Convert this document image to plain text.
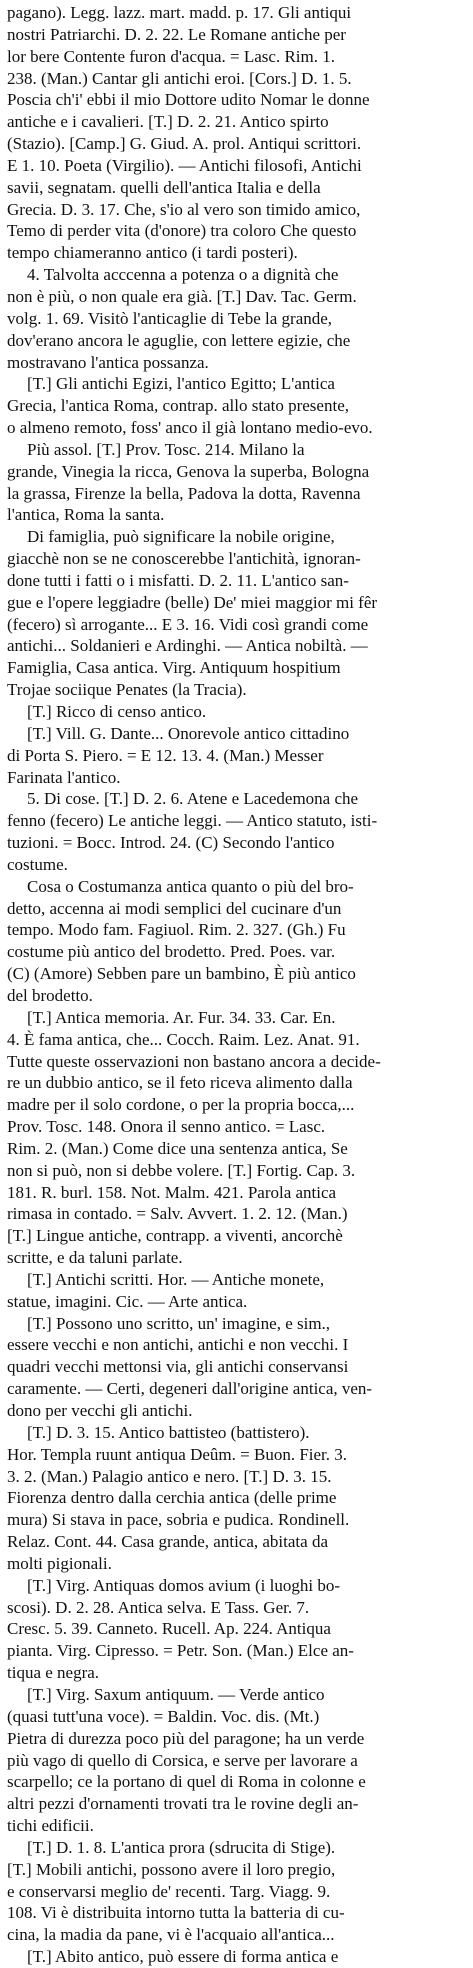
pagano). Legg. lazz. mart. madd. p. 17. Gli antiqui
nostri Patriarchi. D. 2. 22. Le Romane antiche per
lor bere Contente furon d'acqua. = Lasc. Rim. 1.
238. (Man.) Cantar gli antichi eroi. [Cors.] D. 1. 5.
Poscia ch'i' ebbi il mio Dottore udito Nomar le donne
antiche e i cavalieri. [T.] D. 2. 21. Antico spirto
(Stazio). [Camp.] G. Giud. A. prol. Antiqui scrittori.
E 1. 10. Poeta (Virgilio). — Antichi filosofi, Antichi
savii, segnatam. quelli dell'antica Italia e della
Grecia. D. 3. 17. Che, s'io al vero son timido amico,
Temo di perder vita (d'onore) tra coloro Che questo
tempo chiameranno antico (i tardi posteri).

4. Talvolta acccenna a potenza o a dignità che
non è più, o non quale era già. [T.] Dav. Tac. Germ.
volg. 1. 69. Visitò l'anticaglie di Tebe la grande,
dov'erano ancora le aguglie, con lettere egizie, che
mostravano l'antica possanza.

[T.] Gli antichi Egizi, l'antico Egitto; L'antica
Grecia, l'antica Roma, contrap. allo stato presente,
o almeno remoto, foss' anco il già lontano medio-evo.

Più assol. [T.] Prov. Tosc. 214. Milano la
grande, Vinegia la ricca, Genova la superba, Bologna
la grassa, Firenze la bella, Padova la dotta, Ravenna
l'antica, Roma la santa.

Di famiglia, può significare la nobile origine,
giacchè non se ne conoscerebbe l'antichità, ignoran-
done tutti i fatti o i misfatti. D. 2. 11. L'antico san-
gue e l'opere leggiadre (belle) De' miei maggior mi fêr
(fecero) sì arrogante... E 3. 16. Vidi così grandi come
antichi... Soldanieri e Ardinghi. — Antica nobiltà. —
Famiglia, Casa antica. Virg. Antiquum hospitium
Trojae sociique Penates (la Tracia).

[T.] Ricco di censo antico.

[T.] Vill. G. Dante... Onorevole antico cittadino
di Porta S. Piero. = E 12. 13. 4. (Man.) Messer
Farinata l'antico.

5. Di cose. [T.] D. 2. 6. Atene e Lacedemona che
fenno (fecero) Le antiche leggi. — Antico statuto, isti-
tuzioni. = Bocc. Introd. 24. (C) Secondo l'antico
costume.

Cosa o Costumanza antica quanto o più del bro-
detto, accenna ai modi semplici del cucinare d'un
tempo. Modo fam. Fagiuol. Rim. 2. 327. (Gh.) Fu
costume più antico del brodetto. Pred. Poes. var.
(C) (Amore) Sebben pare un bambino, È più antico
del brodetto.

[T.] Antica memoria. Ar. Fur. 34. 33. Car. En.
4. È fama antica, che... Cocch. Raim. Lez. Anat. 91.
Tutte queste osservazioni non bastano ancora a decide-
re un dubbio antico, se il feto riceva alimento dalla
madre per il solo cordone, o per la propria bocca,...
Prov. Tosc. 148. Onora il senno antico. = Lasc.
Rim. 2. (Man.) Come dice una sentenza antica, Se
non si può, non si debbe volere. [T.] Fortig. Cap. 3.
181. R. burl. 158. Not. Malm. 421. Parola antica
rimasa in contado. = Salv. Avvert. 1. 2. 12. (Man.)
[T.] Lingue antiche, contrapp. a viventi, ancorchè
scritte, e da taluni parlate.

[T.] Antichi scritti. Hor. — Antiche monete,
statue, imagini. Cic. — Arte antica.

[T.] Possono uno scritto, un' imagine, e sim.,
essere vecchi e non antichi, antichi e non vecchi. I
quadri vecchi mettonsi via, gli antichi conservansi
caramente. — Certi, degeneri dall'origine antica, ven-
dono per vecchi gli antichi.

[T.] D. 3. 15. Antico battisteo (battistero).
Hor. Templa ruunt antiqua Deûm. = Buon. Fier. 3.
3. 2. (Man.) Palagio antico e nero. [T.] D. 3. 15.
Fiorenza dentro dalla cerchia antica (delle prime
mura) Si stava in pace, sobria e pudica. Rondinell.
Relaz. Cont. 44. Casa grande, antica, abitata da
molti pigionali.

[T.] Virg. Antiquas domos avium (i luoghi bo-
scosi). D. 2. 28. Antica selva. E Tass. Ger. 7.
Cresc. 5. 39. Canneto. Rucell. Ap. 224. Antiqua
pianta. Virg. Cipresso. = Petr. Son. (Man.) Elce an-
tiqua e negra.

[T.] Virg. Saxum antiquum. — Verde antico
(quasi tutt'una voce). = Baldin. Voc. dis. (Mt.)
Pietra di durezza poco più del paragone; ha un verde
più vago di quello di Corsica, e serve per lavorare a
scarpello; ce la portano di quel di Roma in colonne e
altri pezzi d'ornamenti trovati tra le rovine degli an-
tichi edificii.

[T.] D. 1. 8. L'antica prora (sdrucita di Stige).
[T.] Mobili antichi, possono avere il loro pregio,
e conservarsi meglio de' recenti. Targ. Viagg. 9.
108. Vi è distribuita intorno tutta la batteria di cu-
cina, la madia da pane, vi è l'acquaio all'antica...

[T.] Abito antico, può essere di forma antica e
